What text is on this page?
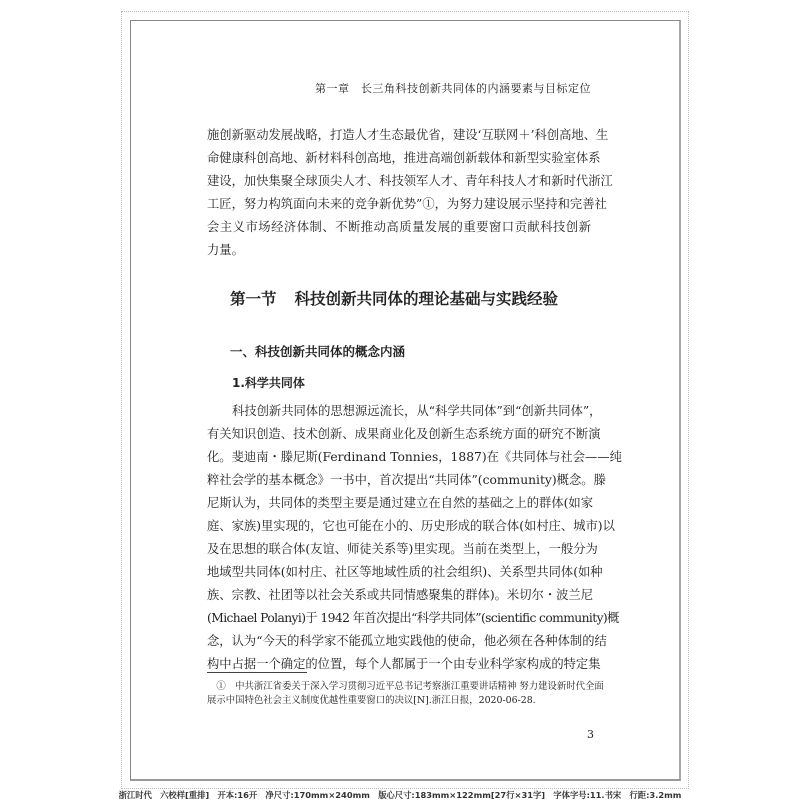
第一章　长三角科技创新共同体的内涵要素与目标定位
施创新驱动发展战略，打造人才生态最优省，建设‘互联网＋’科创高地、生
命健康科创高地、新材料科创高地，推进高端创新载体和新型实验室体系
建设，加快集聚全球顶尖人才、科技领军人才、青年科技人才和新时代浙江
工匠，努力构筑面向未来的竞争新优势”①，为努力建设展示坚持和完善社
会主义市场经济体制、不断推动高质量发展的重要窗口贡献科技创新
力量。
第一节 科技创新共同体的理论基础与实践经验
一、科技创新共同体的概念内涵
1.科学共同体
科技创新共同体的思想源远流长，从“科学共同体”到“创新共同体”，
有关知识创造、技术创新、成果商业化及创新生态系统方面的研究不断演
化。斐迪南・滕尼斯(Ferdinand Tonnies，1887)在《共同体与社会——纯
粹社会学的基本概念》一书中，首次提出“共同体”(community)概念。滕
尼斯认为，共同体的类型主要是通过建立在自然的基础之上的群体(如家
庭、家族)里实现的，它也可能在小的、历史形成的联合体(如村庄、城市)以
及在思想的联合体(友谊、师徒关系等)里实现。当前在类型上，一般分为
地域型共同体(如村庄、社区等地域性质的社会组织)、关系型共同体(如种
族、宗教、社团等以社会关系或共同情感聚集的群体)。米切尔・波兰尼
(Michael Polanyi)于 1942 年首次提出“科学共同体”(scientific community)概
念，认为“今天的科学家不能孤立地实践他的使命，他必须在各种体制的结
构中占据一个确定的位置，每个人都属于一个由专业科学家构成的特定集
　①　中共浙江省委关于深入学习贯彻习近平总书记考察浙江重要讲话精神 努力建设新时代全面
展示中国特色社会主义制度优越性重要窗口的决议[N].浙江日报，2020-06-28.
3
浙江时代　六校样[重排]　开本:16开　净尺寸:170mm×240mm　版心尺寸:183mm×122mm[27行×31字]　字体字号:11.书宋　行距:3.2mm
